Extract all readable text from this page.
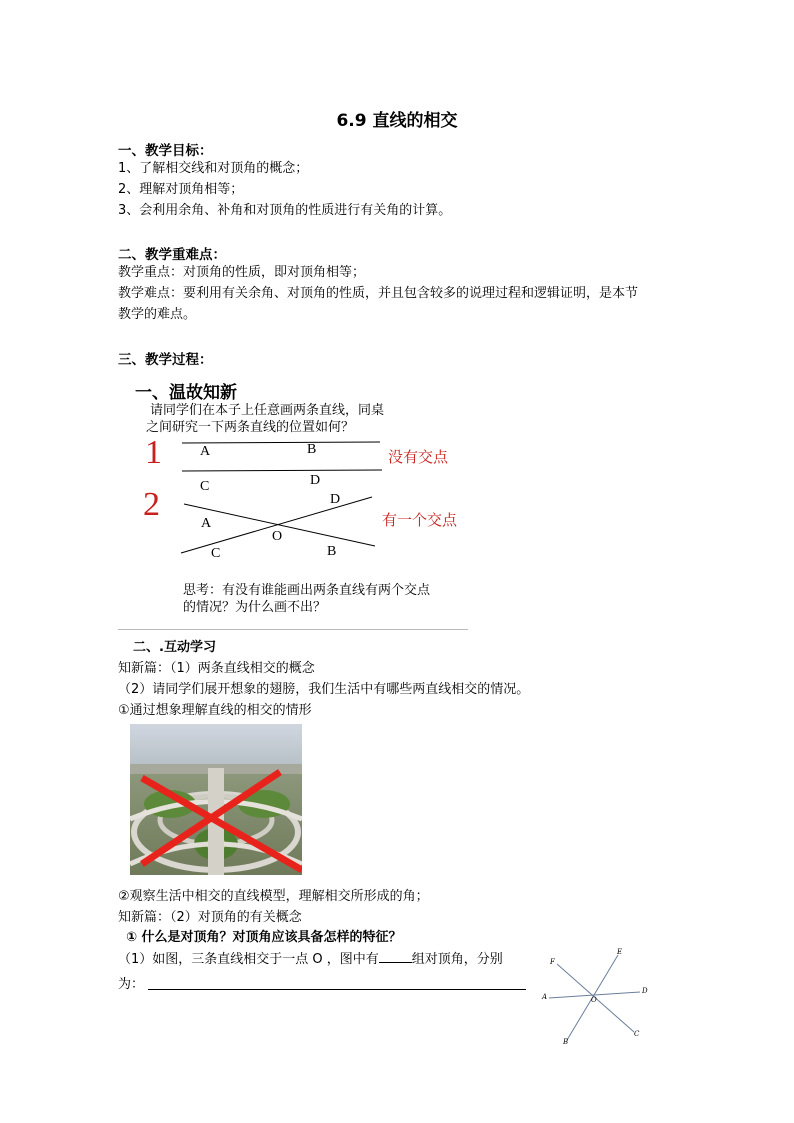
6.9 直线的相交
一、教学目标：
1、了解相交线和对顶角的概念；
2、理解对顶角相等；
3、会利用余角、补角和对顶角的性质进行有关角的计算。
二、教学重难点：
教学重点：对顶角的性质，即对顶角相等；
教学难点：要利用有关余角、对顶角的性质，并且包含较多的说理过程和逻辑证明，是本节
教学的难点。
三、教学过程：
一、温故知新
请同学们在本子上任意画两条直线，同桌
之间研究一下两条直线的位置如何？
1	A	B
C	D
没有交点
2	D
A
O
C	B
有一个交点
思考：有没有谁能画出两条直线有两个交点
的情况？为什么画不出？
二、.互动学习
知新篇：（1）两条直线相交的概念
（2）请同学们展开想象的翅膀，我们生活中有哪些两直线相交的情况。
①通过想象理解直线的相交的情形
②观察生活中相交的直线模型，理解相交所形成的角；
知新篇：（2）对顶角的有关概念
① 什么是对顶角？对顶角应该具备怎样的特征？
（1）如图，三条直线相交于一点 O ，图中有	组对顶角，分别
为：
F
E
A
D
O
B
C
